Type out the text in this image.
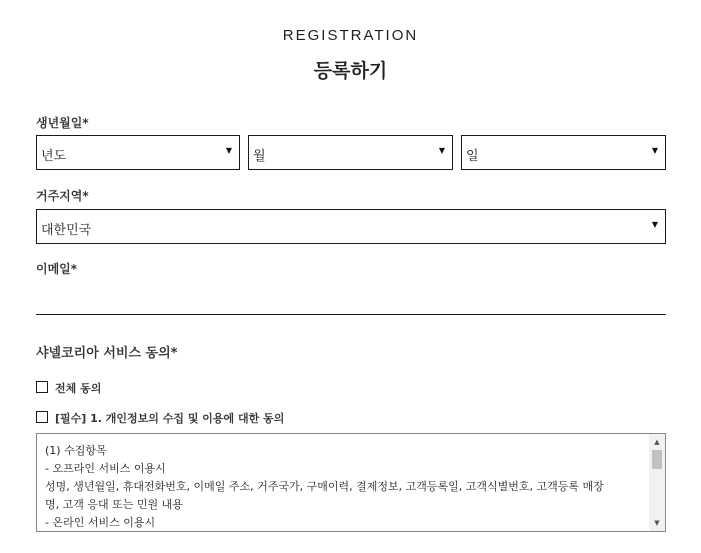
REGISTRATION
등록하기
생년월일*
년도	▼ 월	▼ 일	▼
거주지역*
대한민국	▼
이메일*
샤넬코리아 서비스 동의*
전체 동의
[필수] 1. 개인정보의 수집 및 이용에 대한 동의
(1) 수집항목
- 오프라인 서비스 이용시
성명, 생년월일, 휴대전화번호, 이메일 주소, 거주국가, 구매이력, 결제정보, 고객등록일, 고객식별번호, 고객등록 매장
명, 고객 응대 또는 민원 내용
- 온라인 서비스 이용시
▲
▼
